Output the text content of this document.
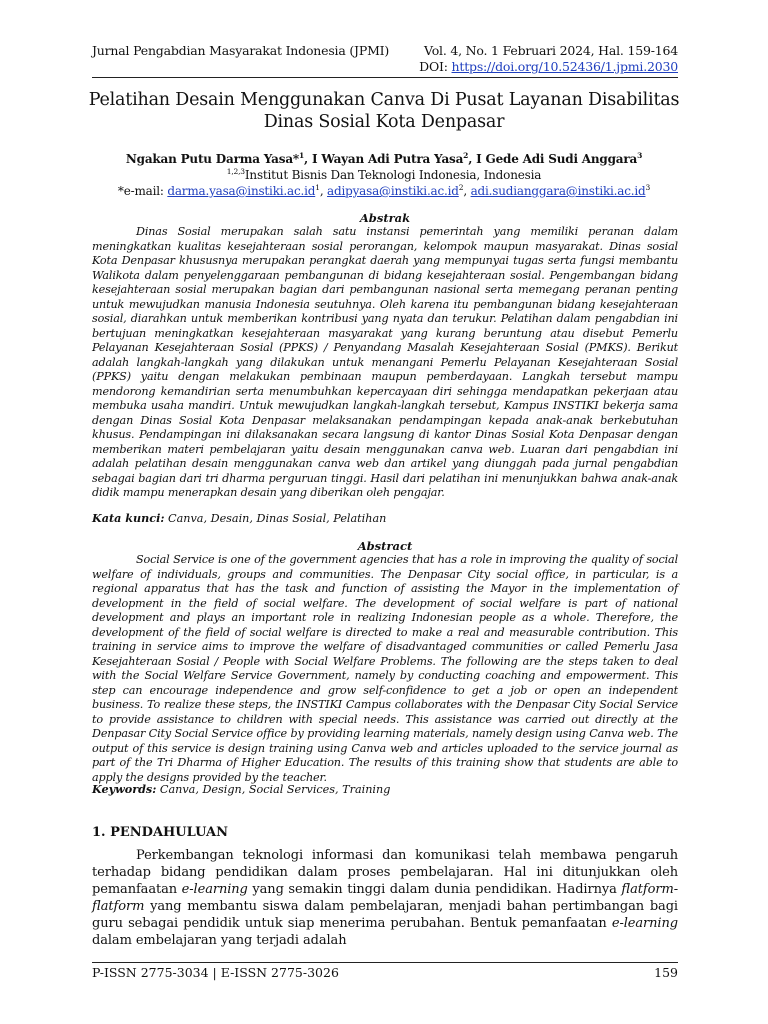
Jurnal Pengabdian Masyarakat Indonesia (JPMI)	Vol. 4, No. 1 Februari 2024, Hal. 159-164
DOI: https://doi.org/10.52436/1.jpmi.2030
Pelatihan Desain Menggunakan Canva Di Pusat Layanan Disabilitas
Dinas Sosial Kota Denpasar
Ngakan Putu Darma Yasa*$^1$, I Wayan Adi Putra Yasa$^2$, I Gede Adi Sudi Anggara$^3$
$^{1,2,3}$Institut Bisnis Dan Teknologi Indonesia, Indonesia
*e-mail: $darma.yasa@instiki.ac.id^1$, $adipyasa@instiki.ac.id^2$, $adi.sudianggara@instiki.ac.id^3$
Abstrak
Dinas Sosial merupakan salah satu instansi pemerintah yang memiliki peranan dalam meningkatkan kualitas kesejahteraan sosial perorangan, kelompok maupun masyarakat. Dinas sosial Kota Denpasar khususnya merupakan perangkat daerah yang mempunyai tugas serta fungsi membantu Walikota dalam penyelenggaraan pembangunan di bidang kesejahteraan sosial. Pengembangan bidang kesejahteraan sosial merupakan bagian dari pembangunan nasional serta memegang peranan penting untuk mewujudkan manusia Indonesia seutuhnya. Oleh karena itu pembangunan bidang kesejahteraan sosial, diarahkan untuk memberikan kontribusi yang nyata dan terukur. Pelatihan dalam pengabdian ini bertujuan meningkatkan kesejahteraan masyarakat yang kurang beruntung atau disebut Pemerlu Pelayanan Kesejahteraan Sosial (PPKS) / Penyandang Masalah Kesejahteraan Sosial (PMKS). Berikut adalah langkah-langkah yang dilakukan untuk menangani Pemerlu Pelayanan Kesejahteraan Sosial (PPKS) yaitu dengan melakukan pembinaan maupun pemberdayaan. Langkah tersebut mampu mendorong kemandirian serta menumbuhkan kepercayaan diri sehingga mendapatkan pekerjaan atau membuka usaha mandiri. Untuk mewujudkan langkah-langkah tersebut, Kampus INSTIKI bekerja sama dengan Dinas Sosial Kota Denpasar melaksanakan pendampingan kepada anak-anak berkebutuhan khusus. Pendampingan ini dilaksanakan secara langsung di kantor Dinas Sosial Kota Denpasar dengan memberikan materi pembelajaran yaitu desain menggunakan canva web. Luaran dari pengabdian ini adalah pelatihan desain menggunakan canva web dan artikel yang diunggah pada jurnal pengabdian sebagai bagian dari tri dharma perguruan tinggi. Hasil dari pelatihan ini menunjukkan bahwa anak-anak didik mampu menerapkan desain yang diberikan oleh pengajar.
Kata kunci: Canva, Desain, Dinas Sosial, Pelatihan
Abstract
Social Service is one of the government agencies that has a role in improving the quality of social welfare of individuals, groups and communities. The Denpasar City social office, in particular, is a regional apparatus that has the task and function of assisting the Mayor in the implementation of development in the field of social welfare. The development of social welfare is part of national development and plays an important role in realizing Indonesian people as a whole. Therefore, the development of the field of social welfare is directed to make a real and measurable contribution. This training in service aims to improve the welfare of disadvantaged communities or called Pemerlu Jasa Kesejahteraan Sosial / People with Social Welfare Problems. The following are the steps taken to deal with the Social Welfare Service Government, namely by conducting coaching and empowerment. This step can encourage independence and grow self-confidence to get a job or open an independent business. To realize these steps, the INSTIKI Campus collaborates with the Denpasar City Social Service to provide assistance to children with special needs. This assistance was carried out directly at the Denpasar City Social Service office by providing learning materials, namely design using Canva web. The output of this service is design training using Canva web and articles uploaded to the service journal as part of the Tri Dharma of Higher Education. The results of this training show that students are able to apply the designs provided by the teacher.
Keywords: Canva, Design, Social Services, Training
1. PENDAHULUAN
Perkembangan teknologi informasi dan komunikasi telah membawa pengaruh terhadap bidang pendidikan dalam proses pembelajaran. Hal ini ditunjukkan oleh pemanfaatan e-learning yang semakin tinggi dalam dunia pendidikan. Hadirnya flatform-flatform yang membantu siswa dalam pembelajaran, menjadi bahan pertimbangan bagi guru sebagai pendidik untuk siap menerima perubahan. Bentuk pemanfaatan e-learning dalam embelajaran yang terjadi adalah
P-ISSN 2775-3034 | E-ISSN 2775-3026	159
